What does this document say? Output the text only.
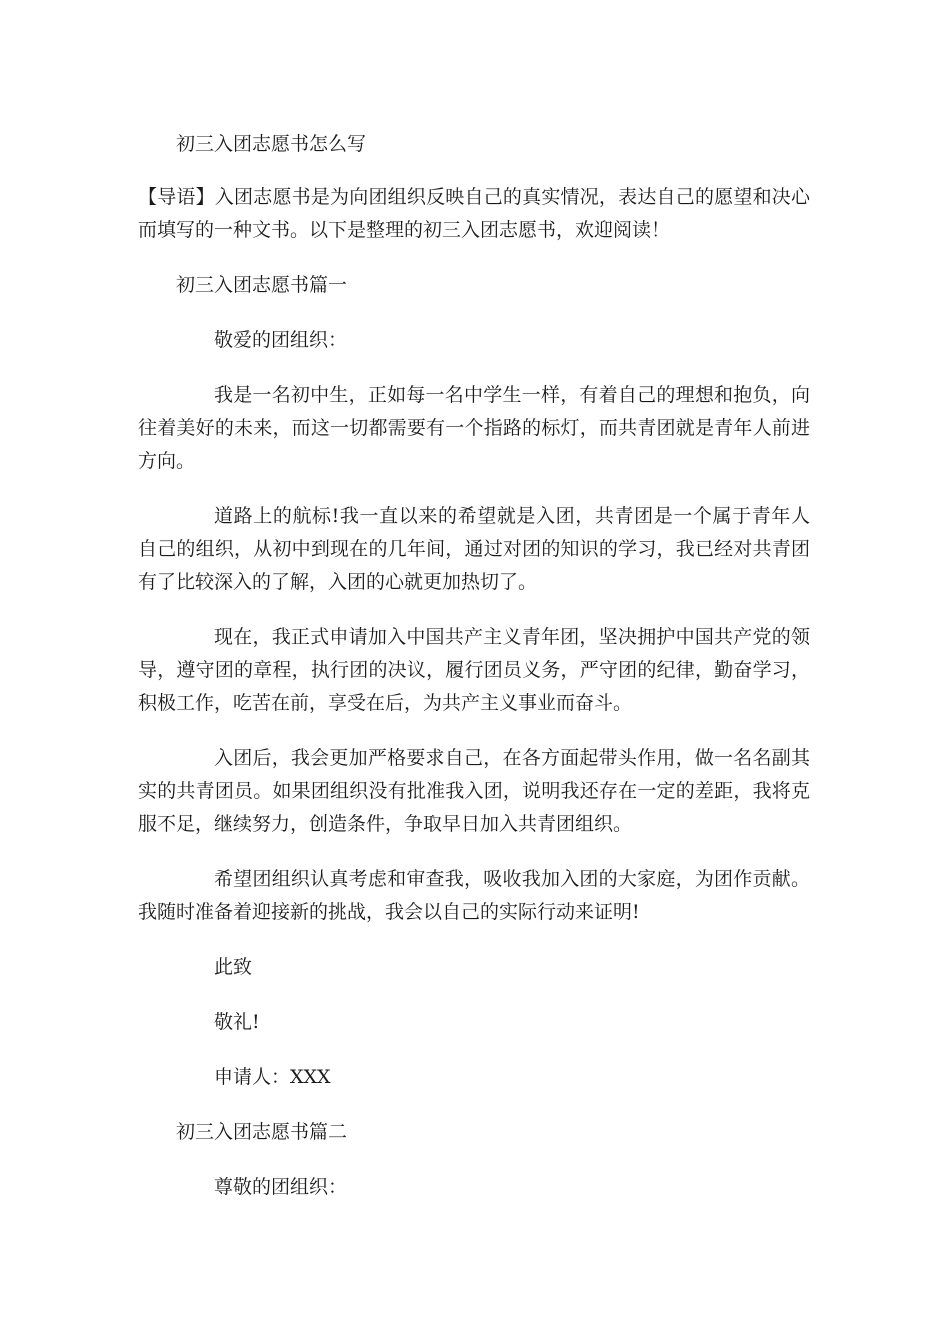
初三入团志愿书怎么写

【导语】入团志愿书是为向团组织反映自己的真实情况，表达自己的愿望和决心而填写的一种文书。以下是整理的初三入团志愿书，欢迎阅读！

初三入团志愿书篇一

敬爱的团组织：

我是一名初中生，正如每一名中学生一样，有着自己的理想和抱负，向往着美好的未来，而这一切都需要有一个指路的标灯，而共青团就是青年人前进方向。

道路上的航标!我一直以来的希望就是入团，共青团是一个属于青年人自己的组织，从初中到现在的几年间，通过对团的知识的学习，我已经对共青团有了比较深入的了解，入团的心就更加热切了。

现在，我正式申请加入中国共产主义青年团，坚决拥护中国共产党的领导，遵守团的章程，执行团的决议，履行团员义务，严守团的纪律，勤奋学习，积极工作，吃苦在前，享受在后，为共产主义事业而奋斗。

入团后，我会更加严格要求自己，在各方面起带头作用，做一名名副其实的共青团员。如果团组织没有批准我入团，说明我还存在一定的差距，我将克服不足，继续努力，创造条件，争取早日加入共青团组织。

希望团组织认真考虑和审查我，吸收我加入团的大家庭，为团作贡献。我随时准备着迎接新的挑战，我会以自己的实际行动来证明!

此致

敬礼!

申请人：XXX

初三入团志愿书篇二

尊敬的团组织：
